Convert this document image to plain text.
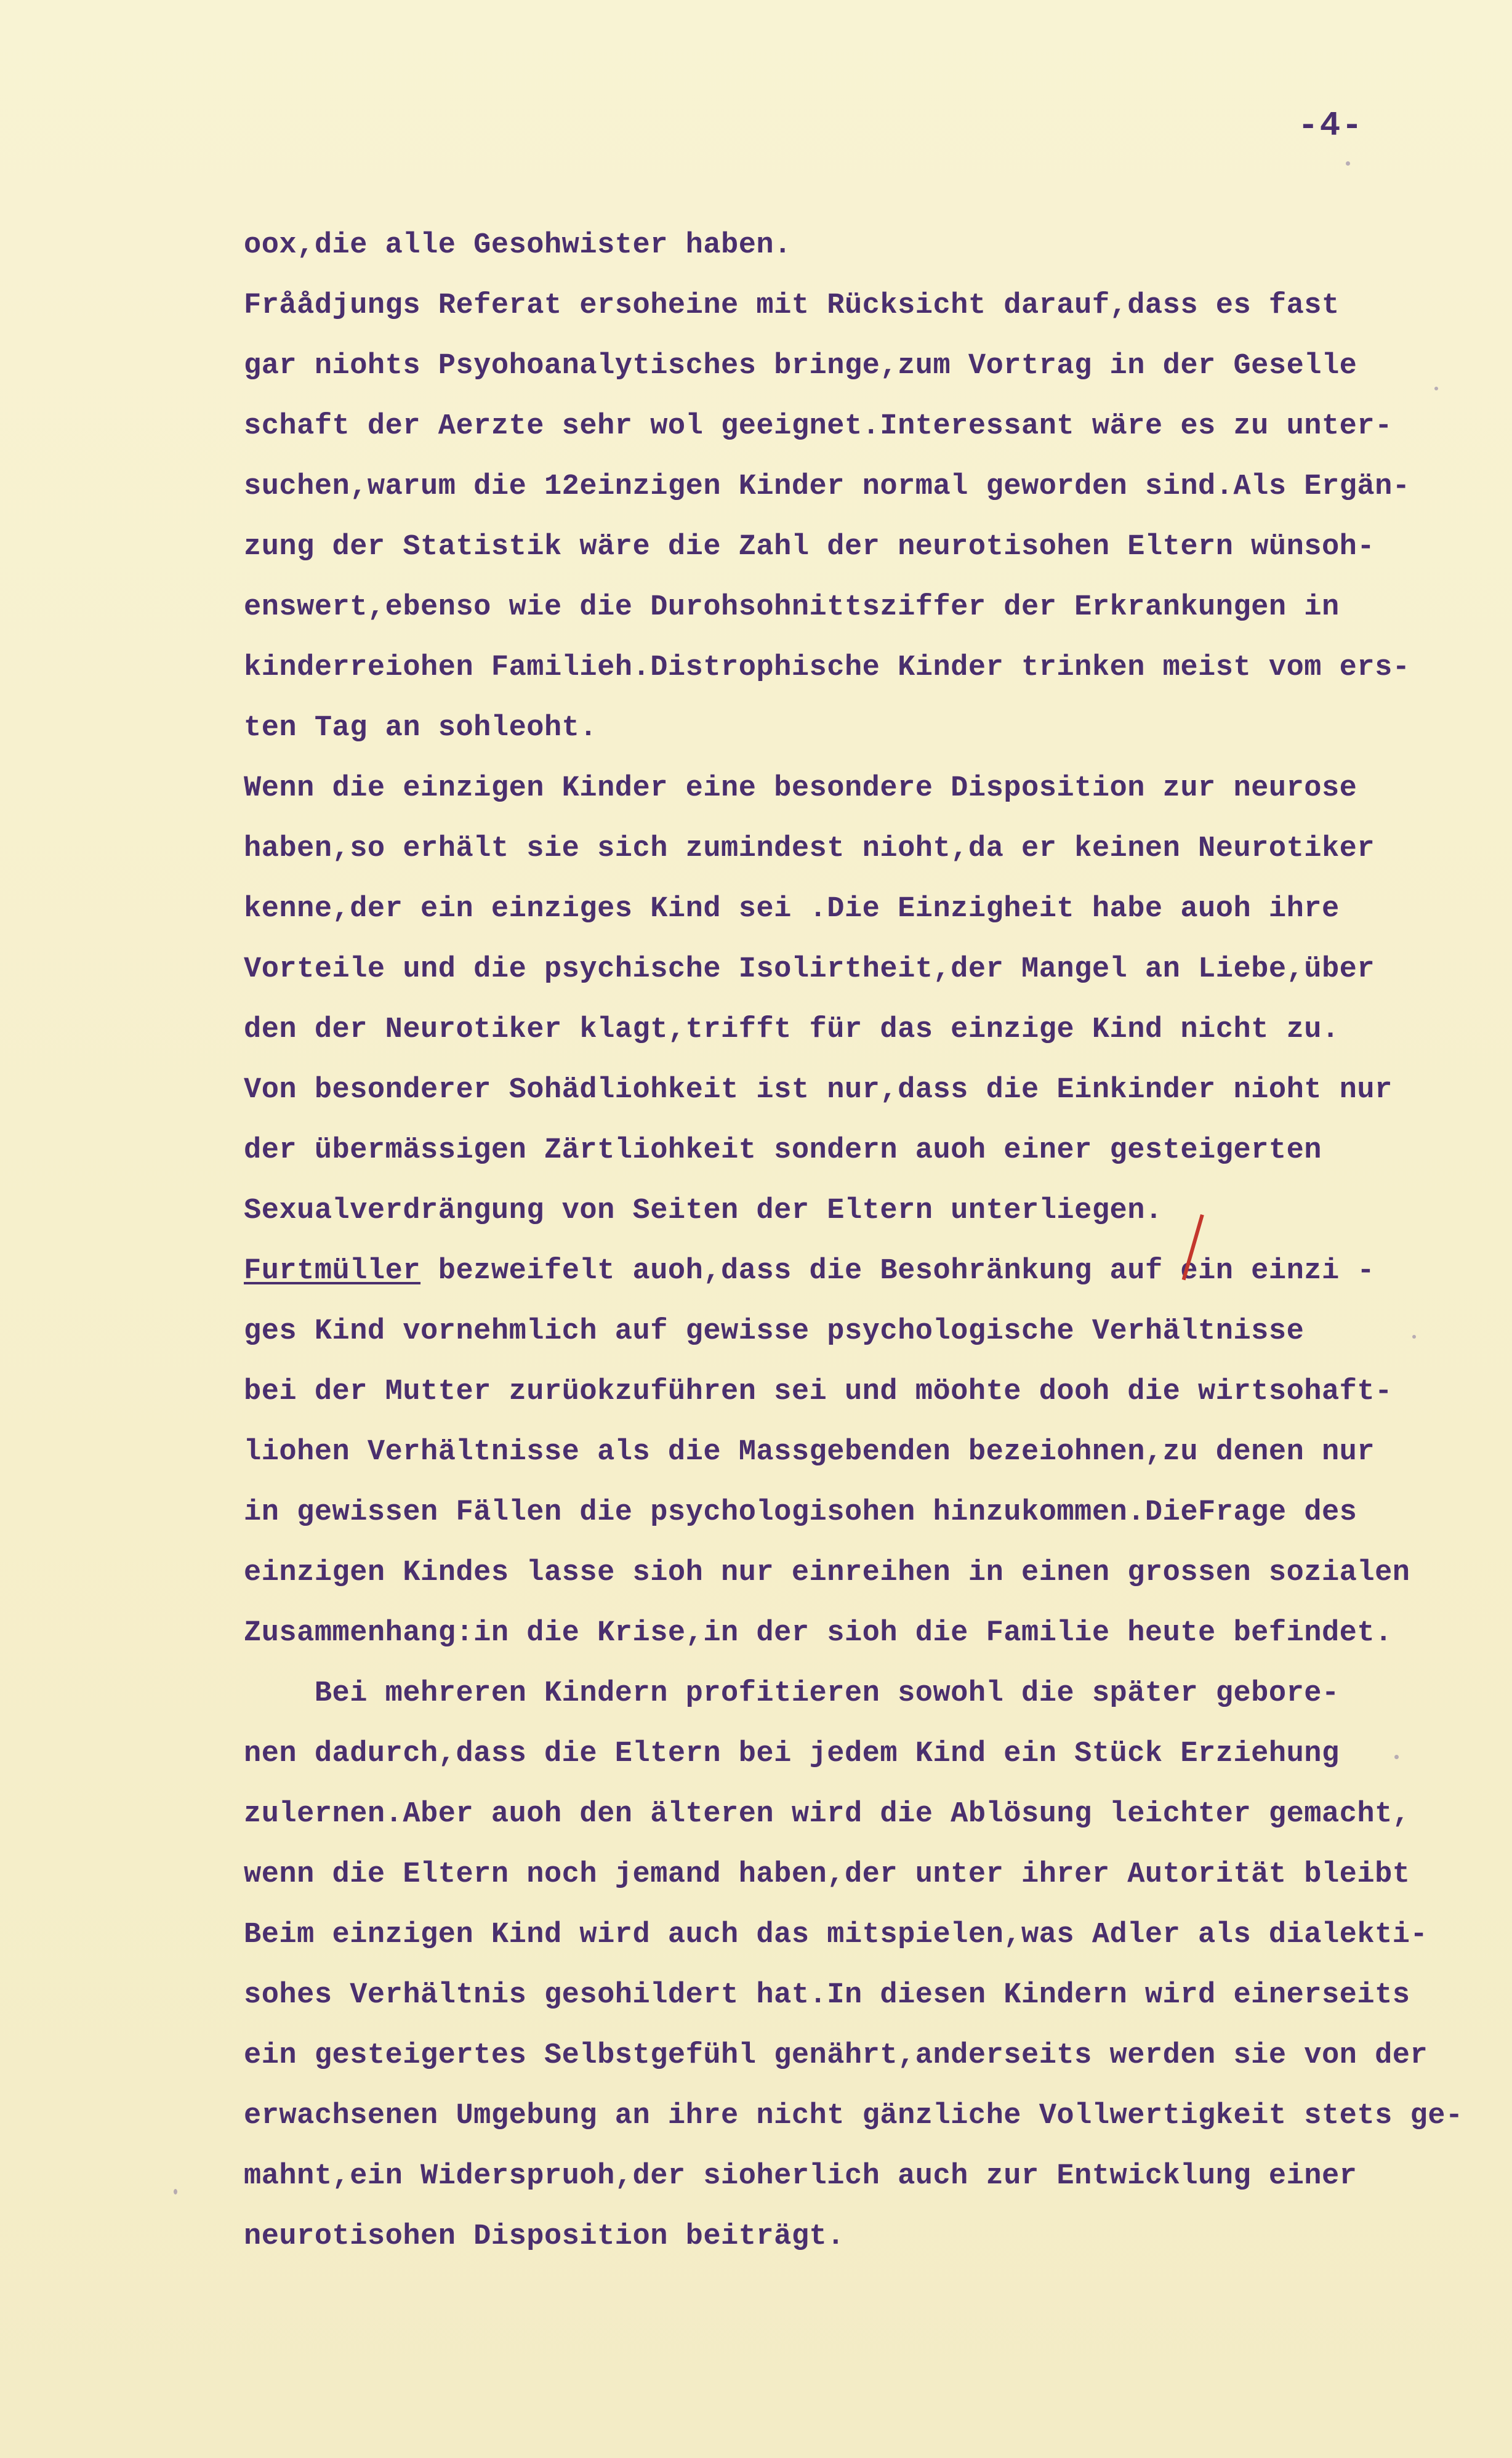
-4-
oox,die alle Gesohwister haben.
Fråådjungs Referat ersoheine mit Rücksicht darauf,dass es fast
gar niohts Psyohoanalytisches bringe,zum Vortrag in der Geselle
schaft der Aerzte sehr wol geeignet.Interessant wäre es zu unter-
suchen,warum die 12einzigen Kinder normal geworden sind.Als Ergän-
zung der Statistik wäre die Zahl der neurotisohen Eltern wünsoh-
enswert,ebenso wie die Durohsohnittsziffer der Erkrankungen in
kinderreiohen Familieh.Distrophische Kinder trinken meist vom ers-
ten Tag an sohleoht.
Wenn die einzigen Kinder eine besondere Disposition zur neurose
haben,so erhält sie sich zumindest nioht,da er keinen Neurotiker
kenne,der ein einziges Kind sei .Die Einzigheit habe auoh ihre
Vorteile und die psychische Isolirtheit,der Mangel an Liebe,über
den der Neurotiker klagt,trifft für das einzige Kind nicht zu.
Von besonderer Sohädliohkeit ist nur,dass die Einkinder nioht nur
der übermässigen Zärtliohkeit sondern auoh einer gesteigerten
Sexualverdrängung von Seiten der Eltern unterliegen.
Furtmüller bezweifelt auoh,dass die Besohränkung auf ein einzi -
ges Kind vornehmlich auf gewisse psychologische Verhältnisse
bei der Mutter zurüokzuführen sei und möohte dooh die wirtsohaft-
liohen Verhältnisse als die Massgebenden bezeiohnen,zu denen nur
in gewissen Fällen die psychologisohen hinzukommen.DieFrage des
einzigen Kindes lasse sioh nur einreihen in einen grossen sozialen
Zusammenhang:in die Krise,in der sioh die Familie heute befindet.
Bei mehreren Kindern profitieren sowohl die später gebore-
nen dadurch,dass die Eltern bei jedem Kind ein Stück Erziehung
zulernen.Aber auoh den älteren wird die Ablösung leichter gemacht,
wenn die Eltern noch jemand haben,der unter ihrer Autorität bleibt
Beim einzigen Kind wird auch das mitspielen,was Adler als dialekti-
sohes Verhältnis gesohildert hat.In diesen Kindern wird einerseits
ein gesteigertes Selbstgefühl genährt,anderseits werden sie von der
erwachsenen Umgebung an ihre nicht gänzliche Vollwertigkeit stets ge-
mahnt,ein Widerspruoh,der sioherlich auch zur Entwicklung einer
neurotisohen Disposition beiträgt.
